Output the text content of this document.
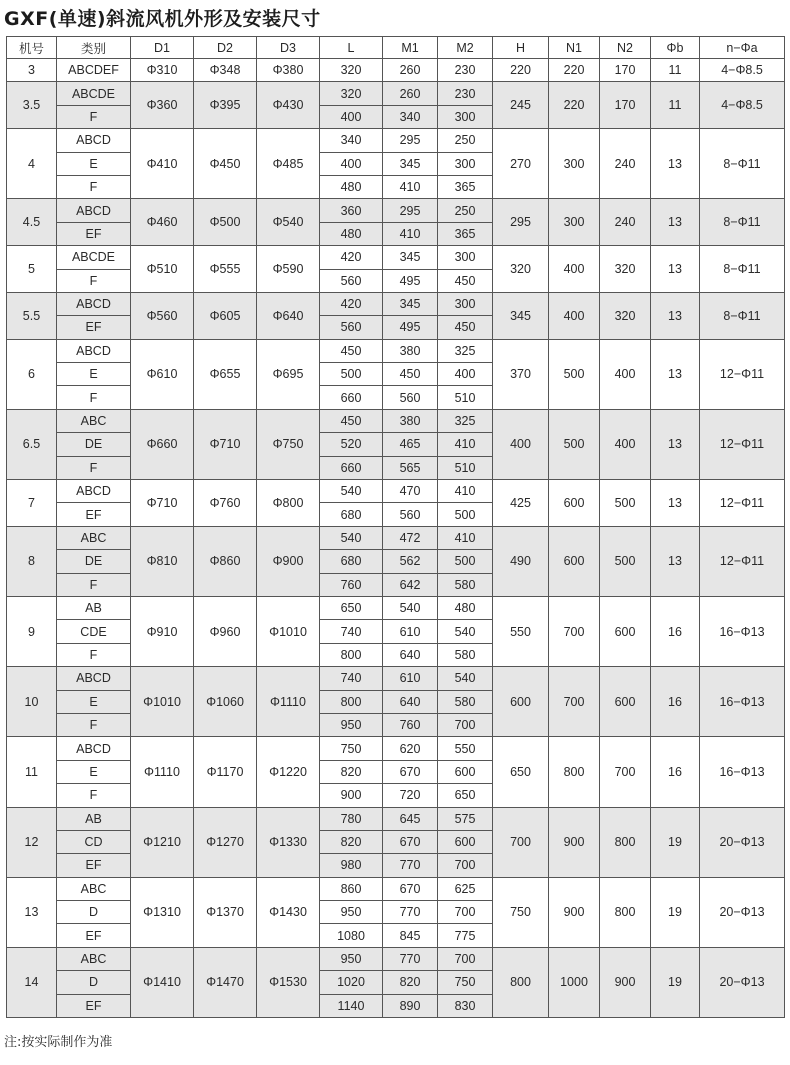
GXF(单速)斜流风机外形及安装尺寸
机号	类别	D1	D2	D3	L	M1	M2	H	N1	N2	Φb	n−Φa
3	ABCDEF	Φ310	Φ348	Φ380	320	260	230	220	220	170	11	4−Φ8.5
3.5	ABCDE	Φ360	Φ395	Φ430	320	260	230	245	220	170	11	4−Φ8.5
	F				400	340	300					
4	ABCD	Φ410	Φ450	Φ485	340	295	250	270	300	240	13	8−Φ11
	E				400	345	300					
	F				480	410	365					
4.5	ABCD	Φ460	Φ500	Φ540	360	295	250	295	300	240	13	8−Φ11
	EF				480	410	365					
5	ABCDE	Φ510	Φ555	Φ590	420	345	300	320	400	320	13	8−Φ11
	F				560	495	450					
5.5	ABCD	Φ560	Φ605	Φ640	420	345	300	345	400	320	13	8−Φ11
	EF				560	495	450					
6	ABCD	Φ610	Φ655	Φ695	450	380	325	370	500	400	13	12−Φ11
	E				500	450	400					
	F				660	560	510					
6.5	ABC	Φ660	Φ710	Φ750	450	380	325	400	500	400	13	12−Φ11
	DE				520	465	410					
	F				660	565	510					
7	ABCD	Φ710	Φ760	Φ800	540	470	410	425	600	500	13	12−Φ11
	EF				680	560	500					
8	ABC	Φ810	Φ860	Φ900	540	472	410	490	600	500	13	12−Φ11
	DE				680	562	500					
	F				760	642	580					
9	AB	Φ910	Φ960	Φ1010	650	540	480	550	700	600	16	16−Φ13
	CDE				740	610	540					
	F				800	640	580					
10	ABCD	Φ1010	Φ1060	Φ1110	740	610	540	600	700	600	16	16−Φ13
	E				800	640	580					
	F				950	760	700					
11	ABCD	Φ1110	Φ1170	Φ1220	750	620	550	650	800	700	16	16−Φ13
	E				820	670	600					
	F				900	720	650					
12	AB	Φ1210	Φ1270	Φ1330	780	645	575	700	900	800	19	20−Φ13
	CD				820	670	600					
	EF				980	770	700					
13	ABC	Φ1310	Φ1370	Φ1430	860	670	625	750	900	800	19	20−Φ13
	D				950	770	700					
	EF				1080	845	775					
14	ABC	Φ1410	Φ1470	Φ1530	950	770	700	800	1000	900	19	20−Φ13
	D				1020	820	750					
	EF				1140	890	830					
注:按实际制作为准
